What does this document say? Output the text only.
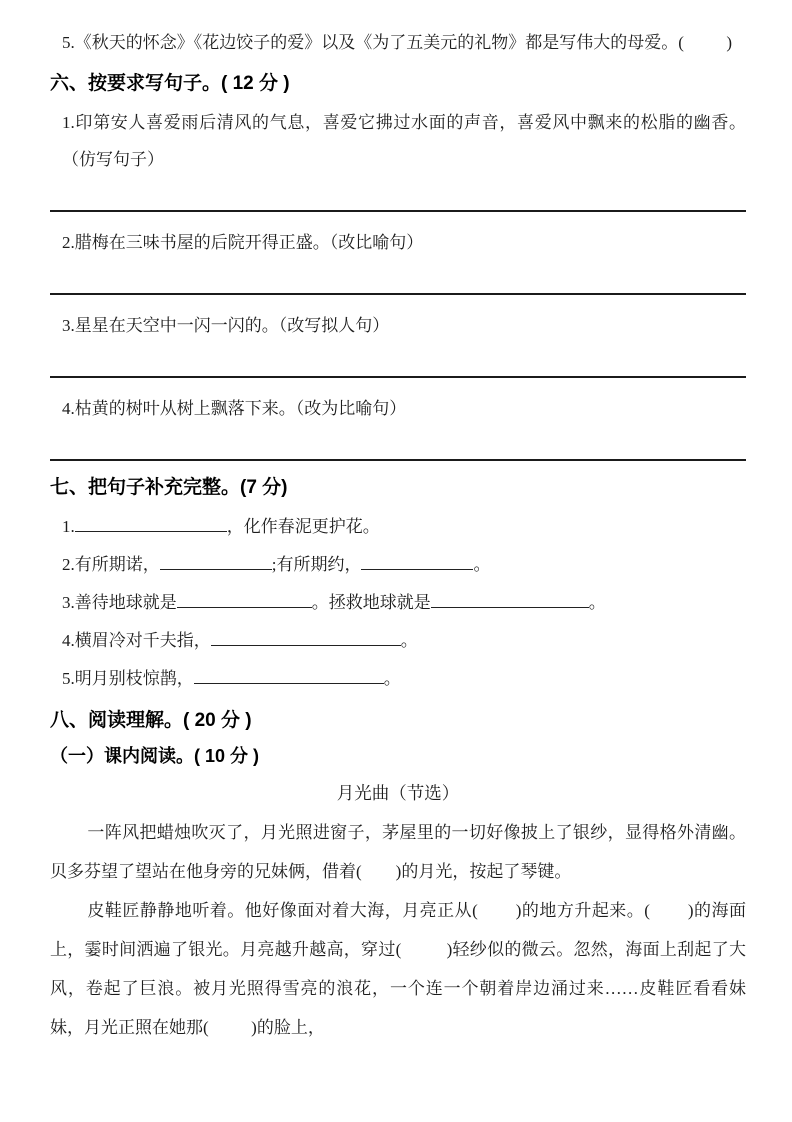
5.《秋天的怀念》《花边饺子的爱》以及《为了五美元的礼物》都是写伟大的母爱。(          )

六、按要求写句子。( 12 分 )

1.印第安人喜爱雨后清风的气息，喜爱它拂过水面的声音，喜爱风中飘来的松脂的幽香。（仿写句子）

2.腊梅在三味书屋的后院开得正盛。（改比喻句）

3.星星在天空中一闪一闪的。（改写拟人句）

4.枯黄的树叶从树上飘落下来。（改为比喻句）

七、把句子补充完整。(7 分)

1.	，化作春泥更护花。

2.有所期诺，	;有所期约，	。

3.善待地球就是	。拯救地球就是	。

4.横眉冷对千夫指，	。

5.明月别枝惊鹊，	。

八、阅读理解。( 20 分 )
（一）课内阅读。( 10 分 )

月光曲（节选）

一阵风把蜡烛吹灭了，月光照进窗子，茅屋里的一切好像披上了银纱，显得格外清幽。贝多芬望了望站在他身旁的兄妹俩，借着(        )的月光，按起了琴键。

皮鞋匠静静地听着。他好像面对着大海，月亮正从(        )的地方升起来。(        )的海面上，霎时间洒遍了银光。月亮越升越高，穿过(          )轻纱似的微云。忽然，海面上刮起了大风，卷起了巨浪。被月光照得雪亮的浪花，一个连一个朝着岸边涌过来……皮鞋匠看看妹妹，月光正照在她那(          )的脸上，
